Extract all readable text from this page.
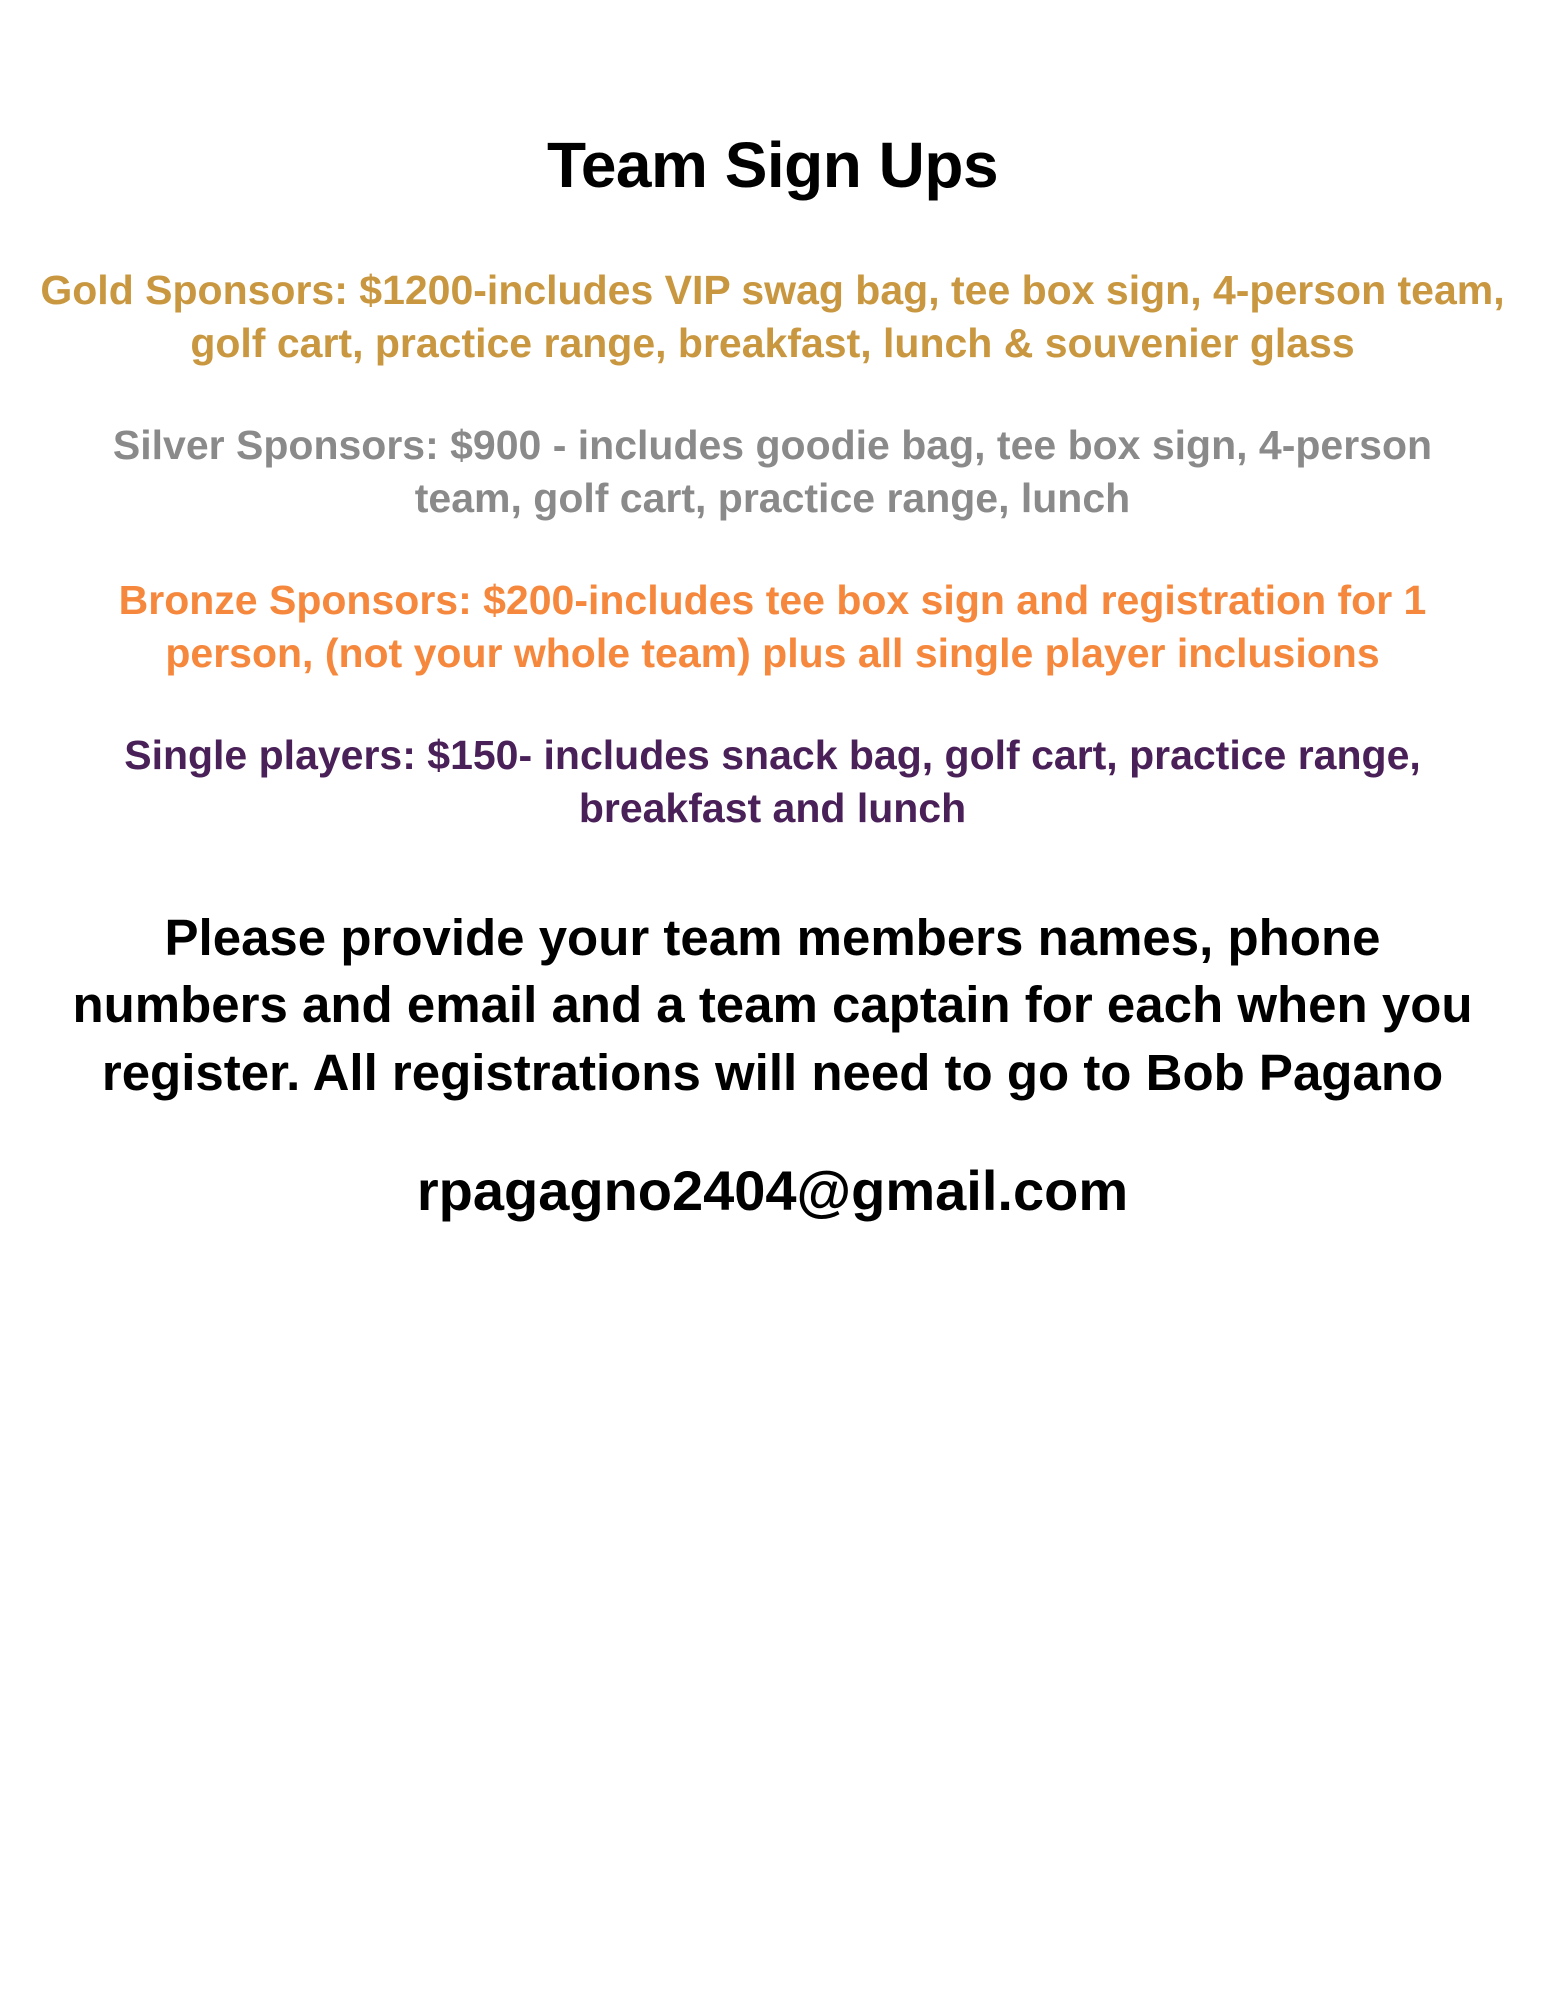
Team Sign Ups

Gold Sponsors: $1200-includes VIP swag bag, tee box sign, 4-person team, golf cart, practice range, breakfast, lunch & souvenier glass

Silver Sponsors: $900 - includes goodie bag, tee box sign, 4-person team, golf cart, practice range, lunch

Bronze Sponsors: $200-includes tee box sign and registration for 1 person, (not your whole team) plus all single player inclusions

Single players: $150- includes snack bag, golf cart, practice range, breakfast and lunch

Please provide your team members names, phone numbers and email and a team captain for each when you register. All registrations will need to go to Bob Pagano

rpagagno2404@gmail.com
